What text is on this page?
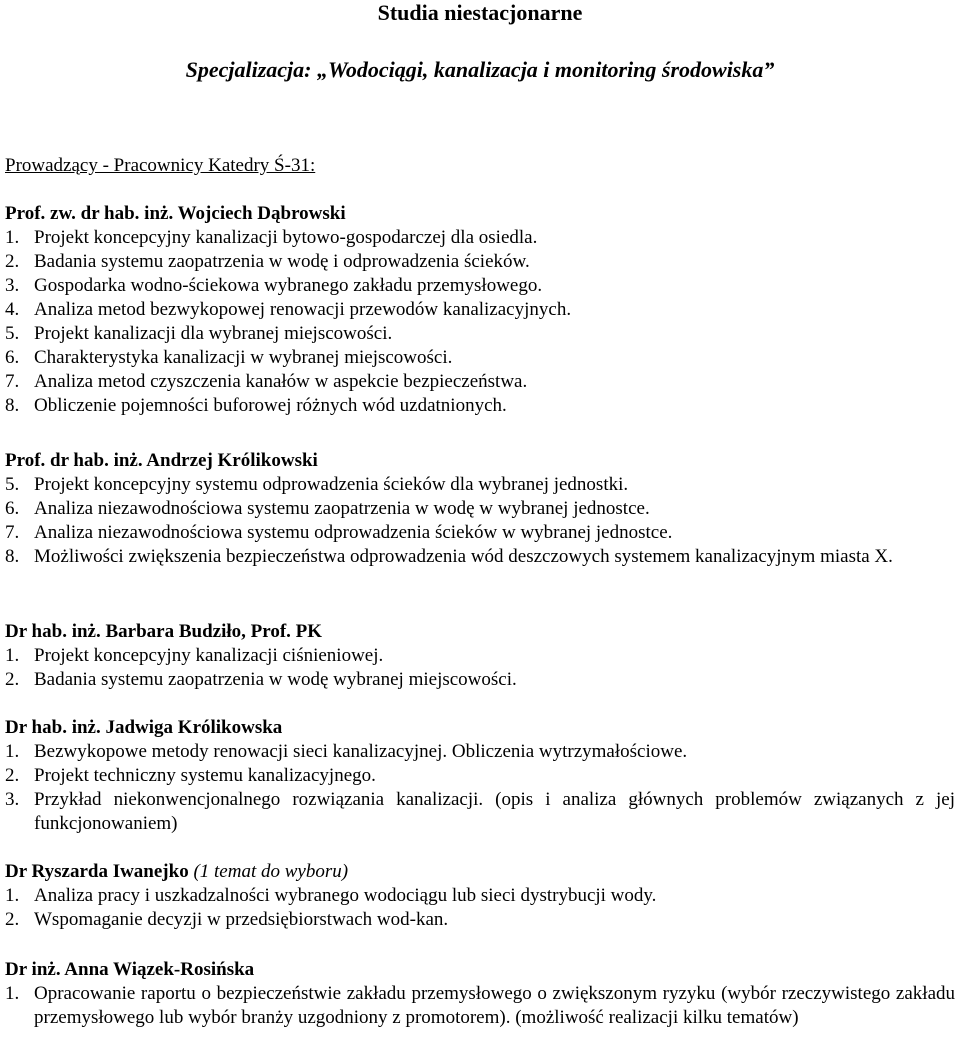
Studia niestacjonarne
Specjalizacja: „Wodociągi, kanalizacja i monitoring środowiska”
Prowadzący - Pracownicy Katedry Ś-31:
Prof. zw. dr hab. inż. Wojciech Dąbrowski
1. Projekt koncepcyjny kanalizacji bytowo-gospodarczej dla osiedla.
2. Badania systemu zaopatrzenia w wodę i odprowadzenia ścieków.
3. Gospodarka wodno-ściekowa wybranego zakładu przemysłowego.
4. Analiza metod bezwykopowej renowacji przewodów kanalizacyjnych.
5. Projekt kanalizacji dla wybranej miejscowości.
6. Charakterystyka kanalizacji w wybranej miejscowości.
7. Analiza metod czyszczenia kanałów w aspekcie bezpieczeństwa.
8. Obliczenie pojemności buforowej różnych wód uzdatnionych.
Prof. dr hab. inż. Andrzej Królikowski
5. Projekt koncepcyjny systemu odprowadzenia ścieków dla wybranej jednostki.
6. Analiza niezawodnościowa systemu zaopatrzenia w wodę w wybranej jednostce.
7. Analiza niezawodnościowa systemu odprowadzenia ścieków w wybranej jednostce.
8. Możliwości zwiększenia bezpieczeństwa odprowadzenia wód deszczowych systemem kanalizacyjnym miasta X.
Dr hab. inż. Barbara Budziło, Prof. PK
1. Projekt koncepcyjny kanalizacji ciśnieniowej.
2. Badania systemu zaopatrzenia w wodę wybranej miejscowości.
Dr hab. inż. Jadwiga Królikowska
1. Bezwykopowe metody renowacji sieci kanalizacyjnej. Obliczenia wytrzymałościowe.
2. Projekt techniczny systemu kanalizacyjnego.
3. Przykład niekonwencjonalnego rozwiązania kanalizacji. (opis i analiza głównych problemów związanych z jej funkcjonowaniem)
Dr Ryszarda Iwanejko (1 temat do wyboru)
1. Analiza pracy i uszkadzalności wybranego wodociągu lub sieci dystrybucji wody.
2. Wspomaganie decyzji w przedsiębiorstwach wod-kan.
Dr inż. Anna Wiązek-Rosińska
1. Opracowanie raportu o bezpieczeństwie zakładu przemysłowego o zwiększonym ryzyku (wybór rzeczywistego zakładu przemysłowego lub wybór branży uzgodniony z promotorem). (możliwość realizacji kilku tematów)
